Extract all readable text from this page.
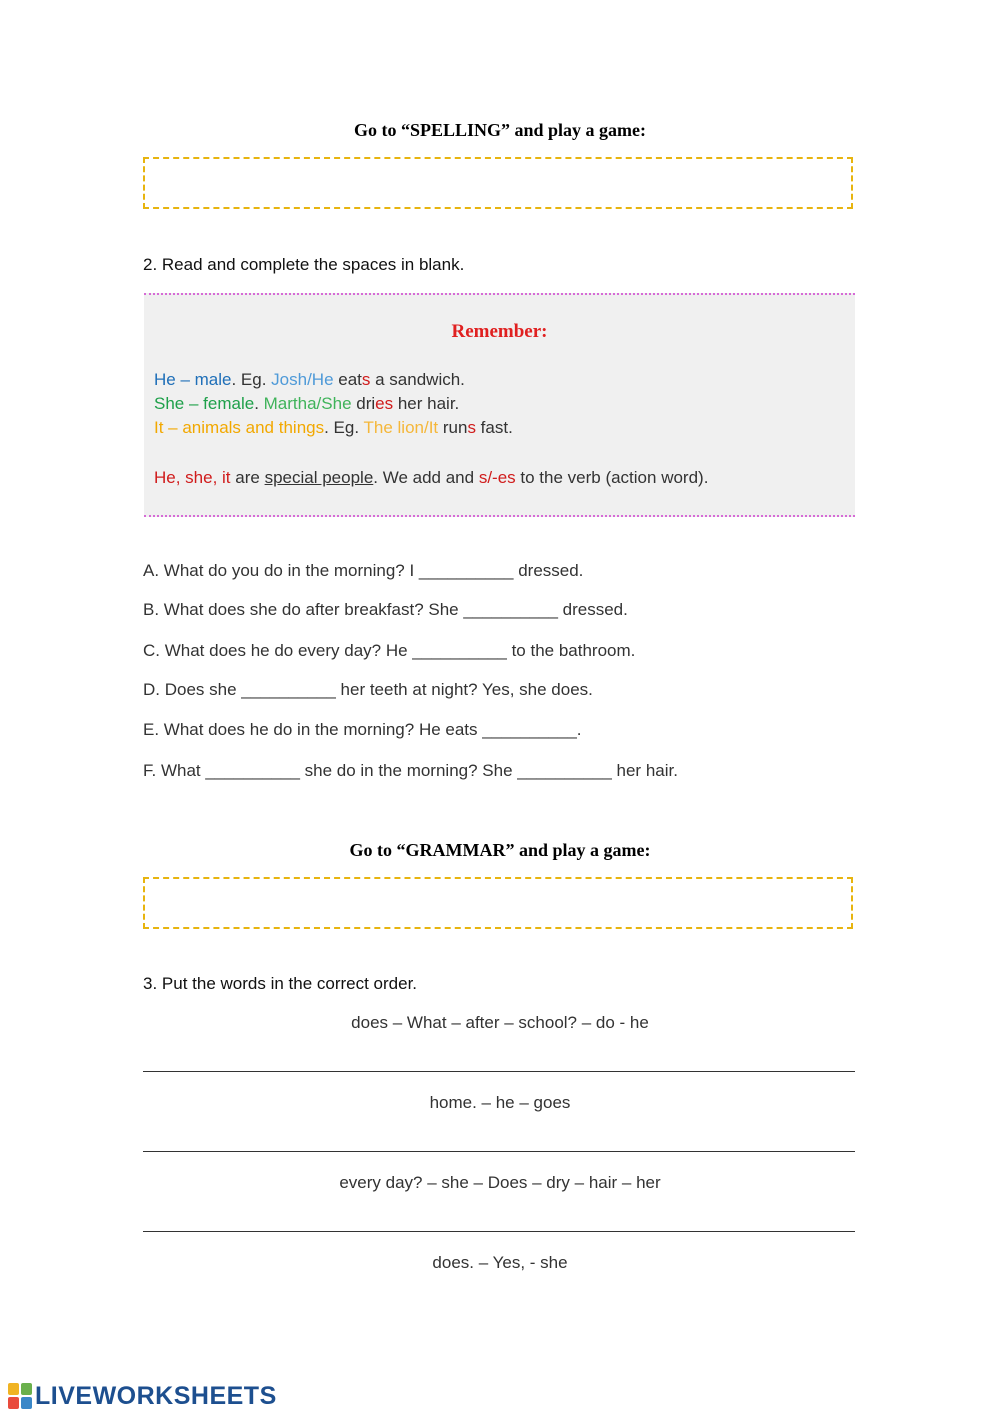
Go to “SPELLING” and play a game:
2. Read and complete the spaces in blank.
Remember:
He – male. Eg. Josh/He eats a sandwich.
She – female. Martha/She dries her hair.
It – animals and things. Eg. The lion/It runs fast.
He, she, it are special people. We add and s/-es to the verb (action word).
A. What do you do in the morning? I __________ dressed.
B. What does she do after breakfast? She __________ dressed.
C. What does he do every day? He __________ to the bathroom.
D. Does she __________ her teeth at night? Yes, she does.
E. What does he do in the morning? He eats __________.
F. What __________ she do in the morning? She __________ her hair.
Go to “GRAMMAR” and play a game:
3. Put the words in the correct order.
does – What – after – school? – do - he
home. – he – goes
every day? – she – Does – dry – hair – her
does. – Yes, - she
LIVEWORKSHEETS
